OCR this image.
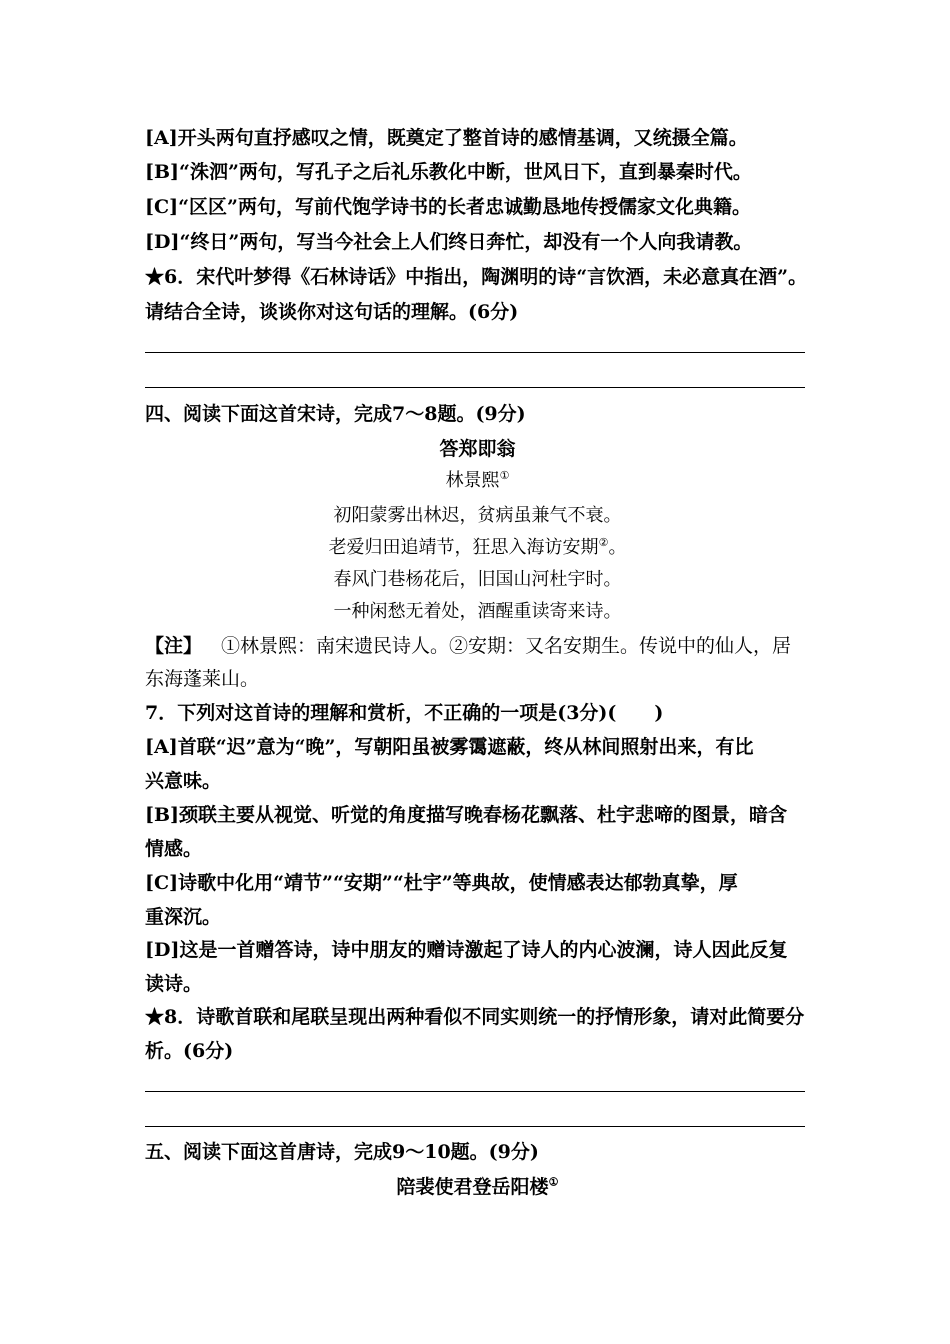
[A]开头两句直抒感叹之情，既奠定了整首诗的感情基调，又统摄全篇。
[B]“洙泗”两句，写孔子之后礼乐教化中断，世风日下，直到暴秦时代。
[C]“区区”两句，写前代饱学诗书的长者忠诚勤恳地传授儒家文化典籍。
[D]“终日”两句，写当今社会上人们终日奔忙，却没有一个人向我请教。
★6．宋代叶梦得《石林诗话》中指出，陶渊明的诗“言饮酒，未必意真在酒”。
请结合全诗，谈谈你对这句话的理解。(6分)
四、阅读下面这首宋诗，完成7～8题。(9分)
答郑即翁
林景熙①
初阳蒙雾出林迟，贫病虽兼气不衰。
老爱归田追靖节，狂思入海访安期②。
春风门巷杨花后，旧国山河杜宇时。
一种闲愁无着处，酒醒重读寄来诗。
【注】  ①林景熙：南宋遗民诗人。②安期：又名安期生。传说中的仙人，居
东海蓬莱山。
7．下列对这首诗的理解和赏析，不正确的一项是(3分)(　　)
[A]首联“迟”意为“晚”，写朝阳虽被雾霭遮蔽，终从林间照射出来，有比
兴意味。
[B]颈联主要从视觉、听觉的角度描写晚春杨花飘落、杜宇悲啼的图景，暗含
情感。
[C]诗歌中化用“靖节”“安期”“杜宇”等典故，使情感表达郁勃真挚，厚
重深沉。
[D]这是一首赠答诗，诗中朋友的赠诗激起了诗人的内心波澜，诗人因此反复
读诗。
★8．诗歌首联和尾联呈现出两种看似不同实则统一的抒情形象，请对此简要分
析。(6分)
五、阅读下面这首唐诗，完成9～10题。(9分)
陪裴使君登岳阳楼①
